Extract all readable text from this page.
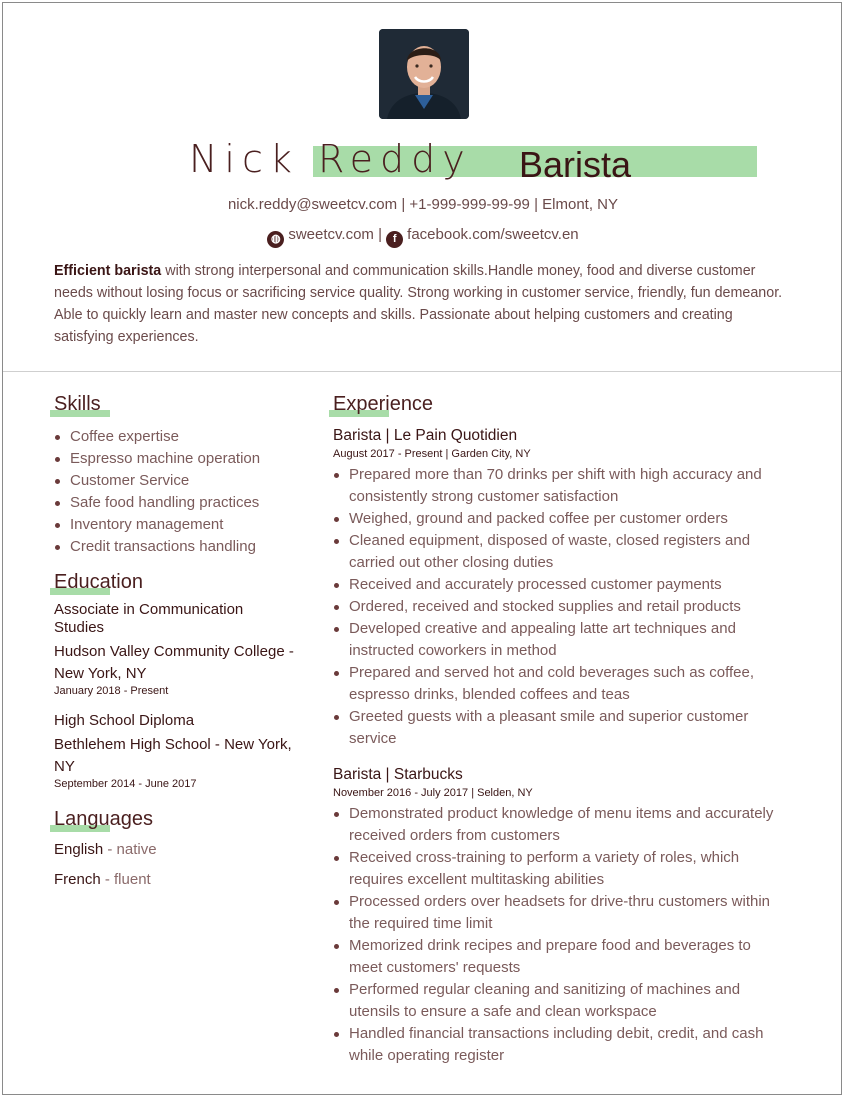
Nick Reddy Barista
nick.reddy@sweetcv.com | +1-999-999-99-99 | Elmont, NY
◍ sweetcv.com | f facebook.com/sweetcv.en
Efficient barista with strong interpersonal and communication skills.Handle money, food and diverse customer needs without losing focus or sacrificing service quality. Strong working in customer service, friendly, fun demeanor. Able to quickly learn and master new concepts and skills. Passionate about helping customers and creating satisfying experiences.
Skills
Coffee expertise
Espresso machine operation
Customer Service
Safe food handling practices
Inventory management
Credit transactions handling
Education
Associate in Communication Studies
Hudson Valley Community College - New York, NY
January 2018 - Present
High School Diploma
Bethlehem High School - New York, NY
September 2014 - June 2017
Languages
English - native
French - fluent
Experience
Barista | Le Pain Quotidien
August 2017 - Present | Garden City, NY
Prepared more than 70 drinks per shift with high accuracy and consistently strong customer satisfaction
Weighed, ground and packed coffee per customer orders
Cleaned equipment, disposed of waste, closed registers and carried out other closing duties
Received and accurately processed customer payments
Ordered, received and stocked supplies and retail products
Developed creative and appealing latte art techniques and instructed coworkers in method
Prepared and served hot and cold beverages such as coffee, espresso drinks, blended coffees and teas
Greeted guests with a pleasant smile and superior customer service
Barista | Starbucks
November 2016 - July 2017 | Selden, NY
Demonstrated product knowledge of menu items and accurately received orders from customers
Received cross-training to perform a variety of roles, which requires excellent multitasking abilities
Processed orders over headsets for drive-thru customers within the required time limit
Memorized drink recipes and prepare food and beverages to meet customers' requests
Performed regular cleaning and sanitizing of machines and utensils to ensure a safe and clean workspace
Handled financial transactions including debit, credit, and cash while operating register
